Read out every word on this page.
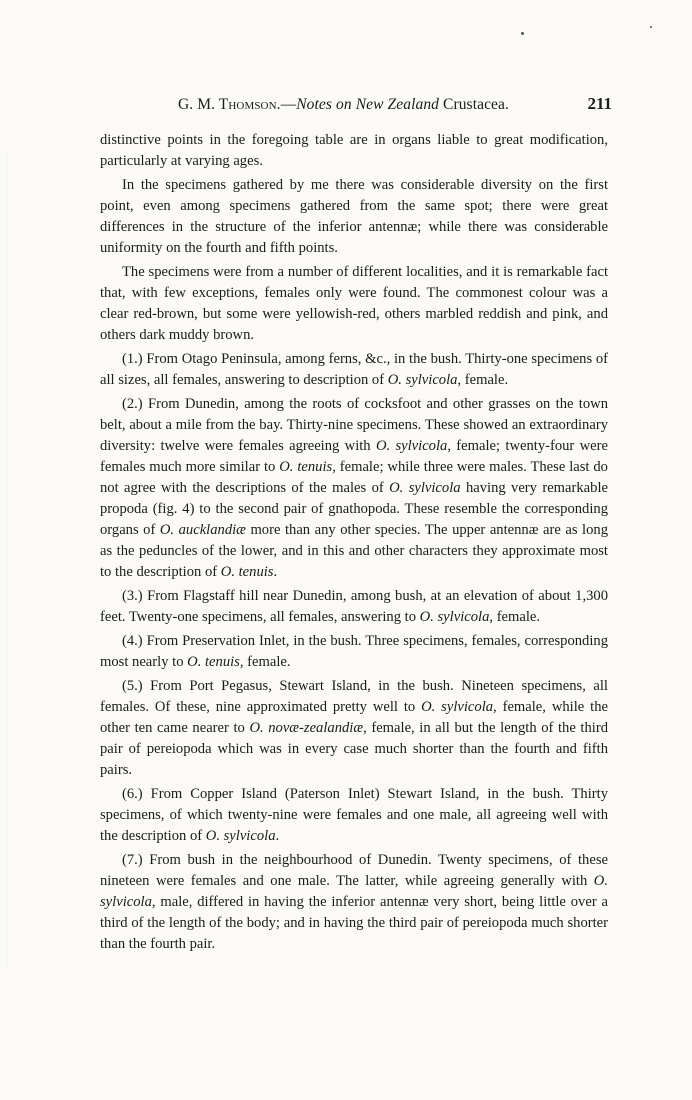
G. M. Thomson.—Notes on New Zealand Crustacea.	211

distinctive points in the foregoing table are in organs liable to great modification, particularly at varying ages.

In the specimens gathered by me there was considerable diversity on the first point, even among specimens gathered from the same spot; there were great differences in the structure of the inferior antennæ; while there was considerable uniformity on the fourth and fifth points.

The specimens were from a number of different localities, and it is remarkable fact that, with few exceptions, females only were found. The commonest colour was a clear red-brown, but some were yellowish-red, others marbled reddish and pink, and others dark muddy brown.

(1.) From Otago Peninsula, among ferns, &c., in the bush. Thirty-one specimens of all sizes, all females, answering to description of O. sylvicola, female.

(2.) From Dunedin, among the roots of cocksfoot and other grasses on the town belt, about a mile from the bay. Thirty-nine specimens. These showed an extraordinary diversity: twelve were females agreeing with O. sylvicola, female; twenty-four were females much more similar to O. tenuis, female; while three were males. These last do not agree with the descriptions of the males of O. sylvicola having very remarkable propoda (fig. 4) to the second pair of gnathopoda. These resemble the corresponding organs of O. aucklandiæ more than any other species. The upper antennæ are as long as the peduncles of the lower, and in this and other characters they approximate most to the description of O. tenuis.

(3.) From Flagstaff hill near Dunedin, among bush, at an elevation of about 1,300 feet. Twenty-one specimens, all females, answering to O. sylvicola, female.

(4.) From Preservation Inlet, in the bush. Three specimens, females, corresponding most nearly to O. tenuis, female.

(5.) From Port Pegasus, Stewart Island, in the bush. Nineteen specimens, all females. Of these, nine approximated pretty well to O. sylvicola, female, while the other ten came nearer to O. novæ-zealandiæ, female, in all but the length of the third pair of pereiopoda which was in every case much shorter than the fourth and fifth pairs.

(6.) From Copper Island (Paterson Inlet) Stewart Island, in the bush. Thirty specimens, of which twenty-nine were females and one male, all agreeing well with the description of O. sylvicola.

(7.) From bush in the neighbourhood of Dunedin. Twenty specimens, of these nineteen were females and one male. The latter, while agreeing generally with O. sylvicola, male, differed in having the inferior antennæ very short, being little over a third of the length of the body; and in having the third pair of pereiopoda much shorter than the fourth pair.
